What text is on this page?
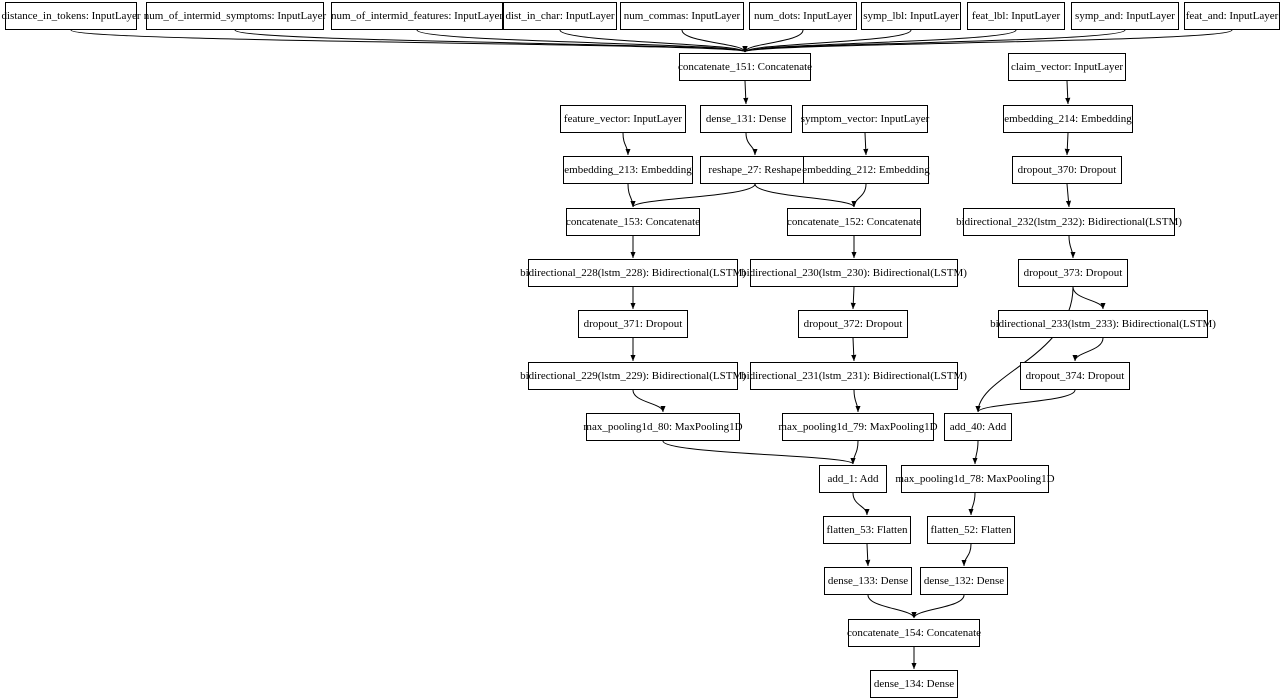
distance_in_tokens: InputLayer num_of_intermid_symptoms: InputLayer num_of_intermid_features: InputLayer dist_in_char: InputLayer num_commas: InputLayer	num_dots: InputLayer	symp_lbl: InputLayer	feat_lbl: InputLayer	symp_and: InputLayer feat_and: InputLayer
concatenate_151: Concatenate	claim_vector: InputLayer
feature_vector: InputLayer	dense_131: Dense	symptom_vector: InputLayer	embedding_214: Embedding
embedding_213: Embedding	reshape_27: Reshape embedding_212: Embedding	dropout_370: Dropout
concatenate_153: Concatenate	concatenate_152: Concatenate	bidirectional_232(lstm_232): Bidirectional(LSTM)
bidirectional_228(lstm_228): Bidirectional(LSTM)
bidirectional_230(lstm_230): Bidirectional(LSTM)	dropout_373: Dropout
dropout_371: Dropout	dropout_372: Dropout	bidirectional_233(lstm_233): Bidirectional(LSTM)
bidirectional_229(lstm_229): Bidirectional(LSTM)
bidirectional_231(lstm_231): Bidirectional(LSTM)	dropout_374: Dropout
max_pooling1d_80: MaxPooling1D	max_pooling1d_79: MaxPooling1D	add_40: Add
add_1: Add	max_pooling1d_78: MaxPooling1D
flatten_53: Flatten	flatten_52: Flatten
dense_133: Dense	dense_132: Dense
concatenate_154: Concatenate
dense_134: Dense
